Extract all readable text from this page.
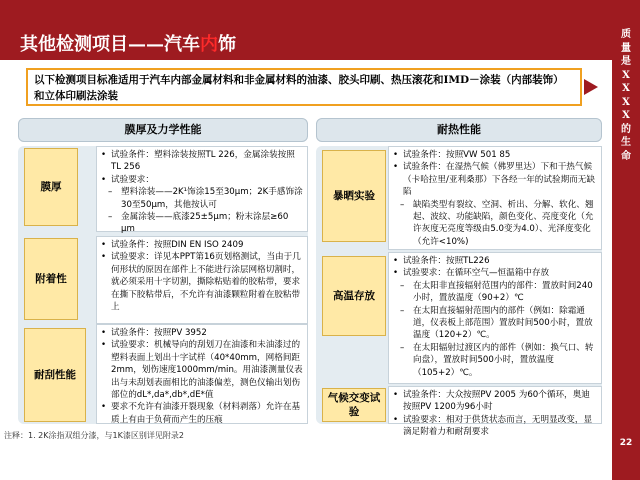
其他检测项目——汽车内饰	质
量
是
X
X
X
X
的
生
命
22
以下检测项目标准适用于汽车内部金属材料和非金属材料的油漆、胶头印刷、热压滚花和IMD－涂装（内部装饰）和立体印刷法涂装
膜厚及力学性能
膜厚
• 试验条件：塑料涂装按照TL 226，金属涂装按照TL 256
• 试验要求：
– 塑料涂装——2K¹饰涂15至30μm；2K手感饰涂30至50μm，其他按认可
– 金属涂装——底漆25±5μm；粉末涂层≥60 μm
附着性
• 试验条件：按照DIN EN ISO 2409
• 试验要求：详见本PPT第16页划格测试，当由于几何形状的原因在部件上不能进行涂层网格切割时，就必须采用十字切割，撕除粘贴着的胶粘带，要求在撕下胶粘带后，不允许有油漆颗粒附着在胶粘带上
耐刮性能
• 试验条件：按照PV 3952
• 试验要求：机械导向的刮划刀在油漆和未油漆过的塑料表面上划出十字试样（40*40mm，网格间距2mm，划伤速度1000mm/min。用油漆测量仪表出与未刮划表面相比的油漆偏差，测色仪输出划伤部位的dL*,da*,db*,dE*值
• 要求不允许有油漆开裂现象（材料剥落）允许在基质上有由于负荷而产生的压痕
耐热性能
暴晒实验
• 试验条件：按照VW 501 85
• 试验条件：在湿热气候（佛罗里达）下和干热气候（卡哈拉里/亚利桑那）下各经一年的试验期而无缺陷
– 缺陷类型有裂纹、空洞、析出、分解、软化、翘起、波纹、功能缺陷，颜色变化、亮度变化（允许灰度无亮度等级由5.0变为4.0）、光泽度变化（允许<10%)
高温存放
• 试验条件：按照TL226
• 试验要求：在循环空气—恒温箱中存放
– 在太阳非直接辐射范围内的部件：置放时间240小时，置放温度（90+2）℃
– 在太阳直接辐射范围内的部件（例如：除霜通道，仪表板上部范围）置放时间500小时，置放温度（120+2）℃。
– 在太阳辐射过渡区内的部件（例如：换气口、转向盘），置放时间500小时，置放温度（105+2）℃。
气候交变试验
• 试验条件：大众按照PV 2005 为60个循环，奥迪按照PV 1200为96小时
• 试验要求：相对于供货状态而言，无明显改变，显滴足附着力和耐刮要求
注释：1. 2K涂指双组分漆，与1K漆区别详见附录2
